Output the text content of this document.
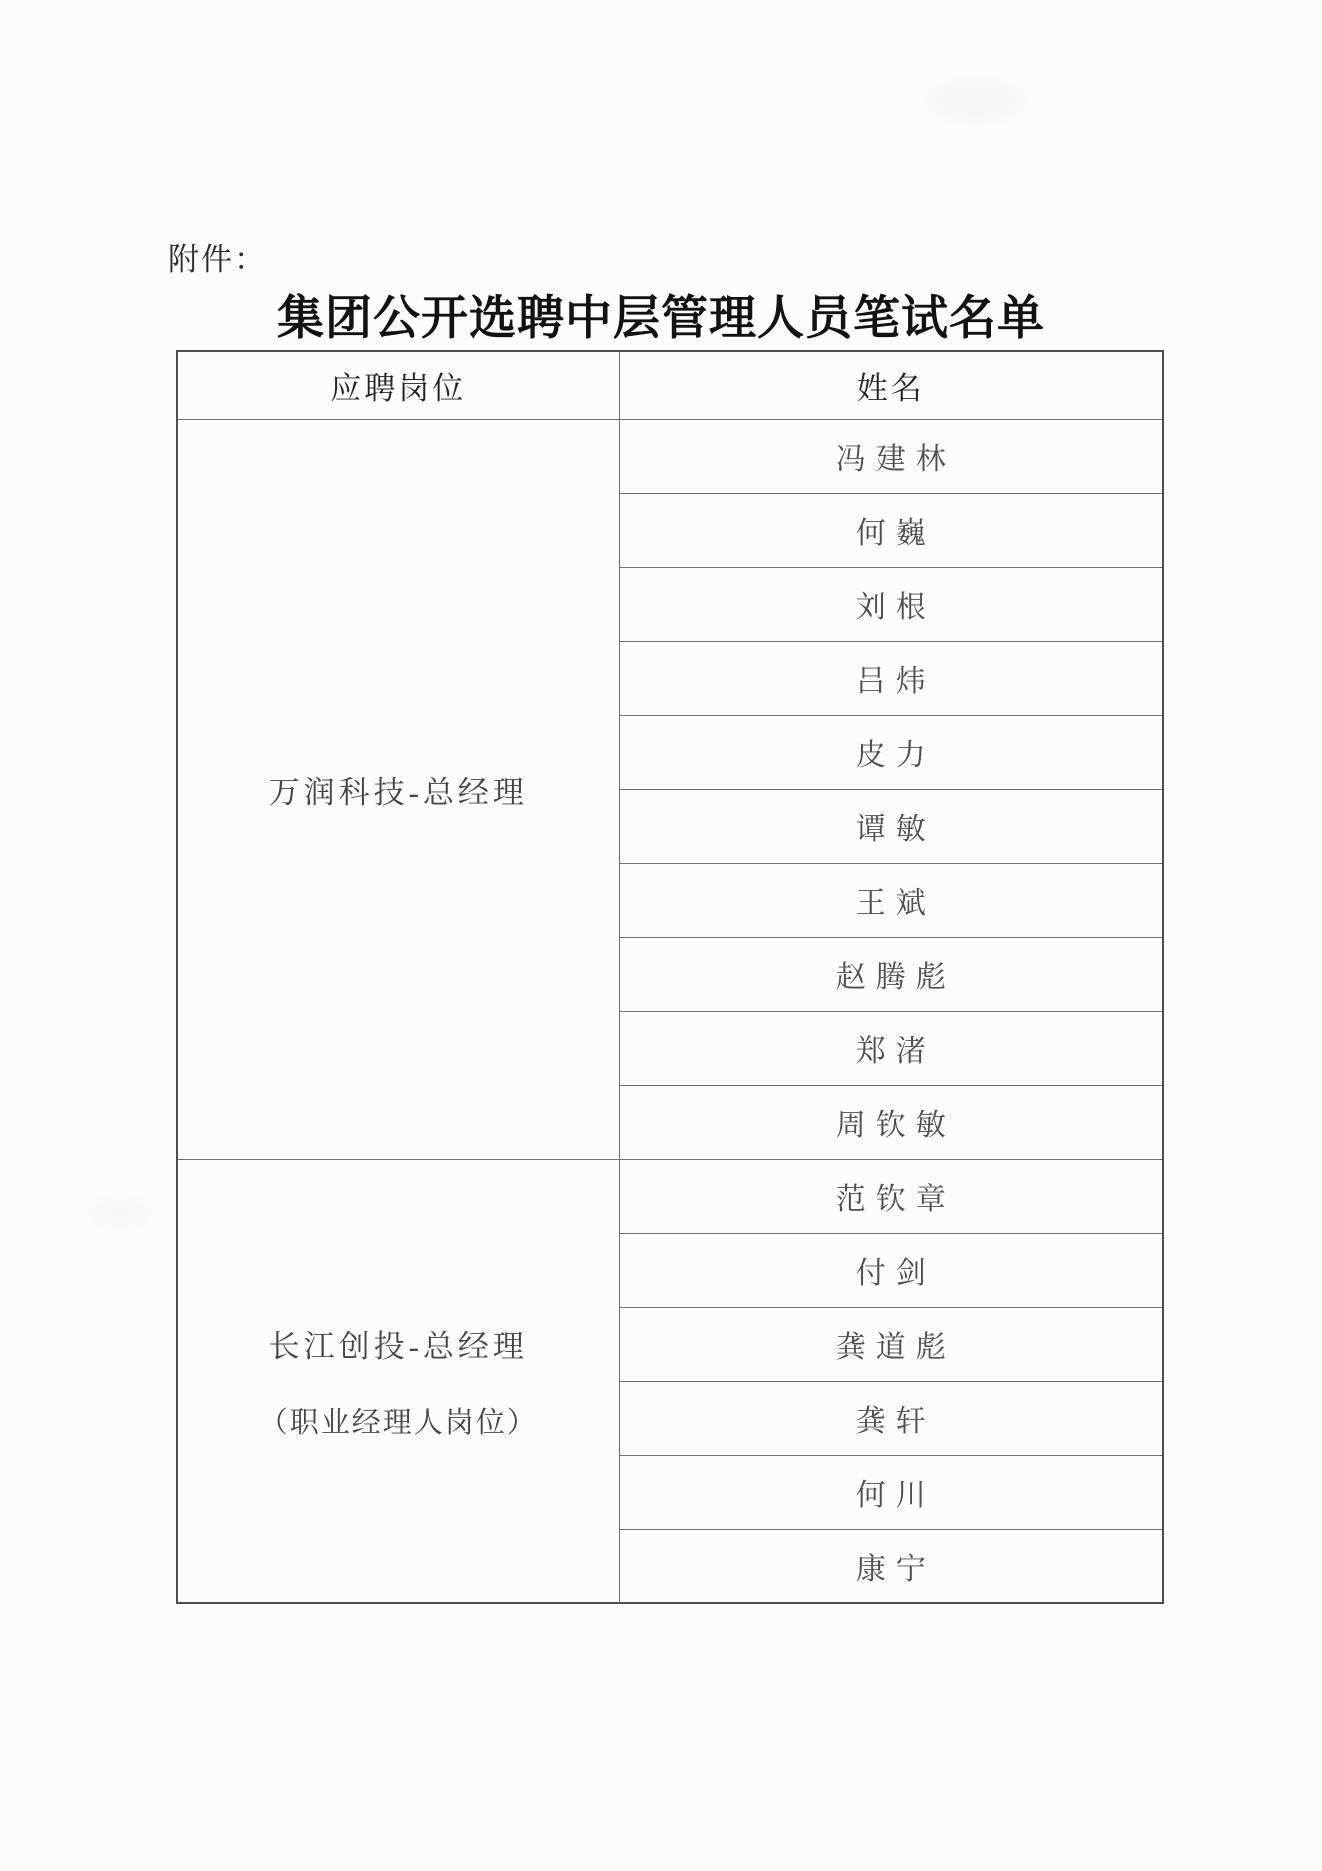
附件：
集团公开选聘中层管理人员笔试名单
应聘岗位	姓名

万润科技-总经理	冯建林
	何巍
	刘根
	吕炜
	皮力
	谭敏
	王斌
	赵腾彪
	郑渚
	周钦敏

长江创投-总经理
（职业经理人岗位）	范钦章
	付剑
	龚道彪
	龚轩
	何川
	康宁
